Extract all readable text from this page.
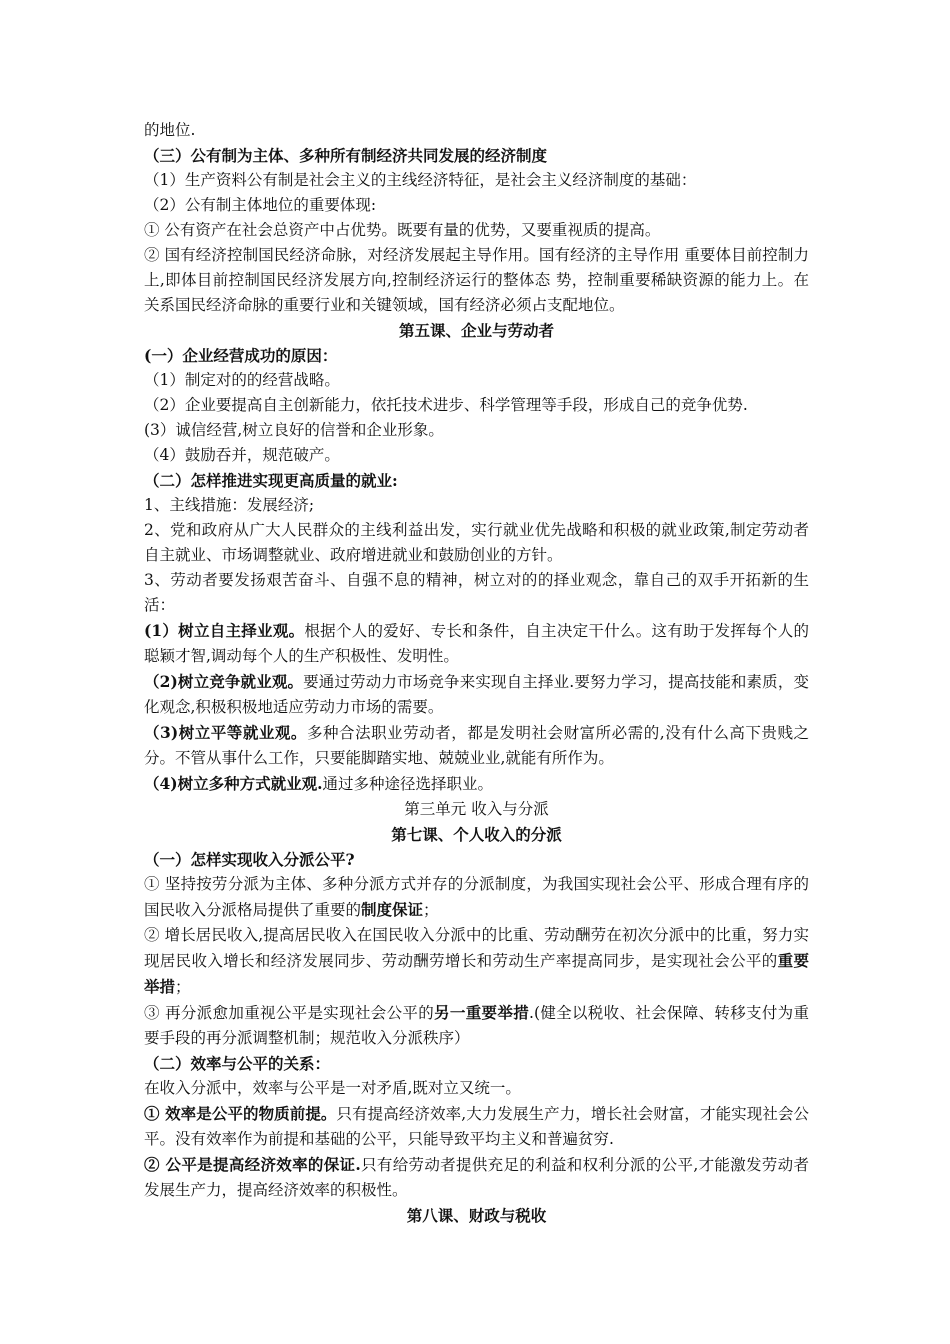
的地位.

（三）公有制为主体、多种所有制经济共同发展的经济制度

（1）生产资料公有制是社会主义的主线经济特征，是社会主义经济制度的基础：

（2）公有制主体地位的重要体现:

① 公有资产在社会总资产中占优势。既要有量的优势，又要重视质的提高。

② 国有经济控制国民经济命脉，对经济发展起主导作用。国有经济的主导作用 重要体目前控制力上,即体目前控制国民经济发展方向,控制经济运行的整体态 势，控制重要稀缺资源的能力上。在关系国民经济命脉的重要行业和关键领域，国有经济必须占支配地位。

第五课、企业与劳动者

(一）企业经营成功的原因：

（1）制定对的的经营战略。

（2）企业要提高自主创新能力，依托技术进步、科学管理等手段，形成自己的竞争优势.

(3）诚信经营,树立良好的信誉和企业形象。

（4）鼓励吞并，规范破产。

（二）怎样推进实现更高质量的就业:

1、主线措施：发展经济;

2、党和政府从广大人民群众的主线利益出发，实行就业优先战略和积极的就业政策,制定劳动者自主就业、市场调整就业、政府增进就业和鼓励创业的方针。

3、劳动者要发扬艰苦奋斗、自强不息的精神，树立对的的择业观念，靠自己的双手开拓新的生活：

(1）树立自主择业观。根据个人的爱好、专长和条件，自主决定干什么。这有助于发挥每个人的聪颖才智,调动每个人的生产积极性、发明性。

（2)树立竞争就业观。要通过劳动力市场竞争来实现自主择业.要努力学习，提高技能和素质，变化观念,积极积极地适应劳动力市场的需要。

（3)树立平等就业观。多种合法职业劳动者，都是发明社会财富所必需的,没有什么高下贵贱之分。不管从事什么工作，只要能脚踏实地、兢兢业业,就能有所作为。

（4)树立多种方式就业观.通过多种途径选择职业。

第三单元 收入与分派

第七课、个人收入的分派

（一）怎样实现收入分派公平?

① 坚持按劳分派为主体、多种分派方式并存的分派制度，为我国实现社会公平、形成合理有序的国民收入分派格局提供了重要的制度保证；

② 增长居民收入,提高居民收入在国民收入分派中的比重、劳动酬劳在初次分派中的比重，努力实现居民收入增长和经济发展同步、劳动酬劳增长和劳动生产率提高同步，是实现社会公平的重要举措；

③ 再分派愈加重视公平是实现社会公平的另一重要举措.(健全以税收、社会保障、转移支付为重要手段的再分派调整机制；规范收入分派秩序）

（二）效率与公平的关系：

在收入分派中，效率与公平是一对矛盾,既对立又统一。

① 效率是公平的物质前提。只有提高经济效率,大力发展生产力，增长社会财富，才能实现社会公平。没有效率作为前提和基础的公平，只能导致平均主义和普遍贫穷.

② 公平是提高经济效率的保证.只有给劳动者提供充足的利益和权利分派的公平,才能激发劳动者发展生产力，提高经济效率的积极性。

第八课、财政与税收
